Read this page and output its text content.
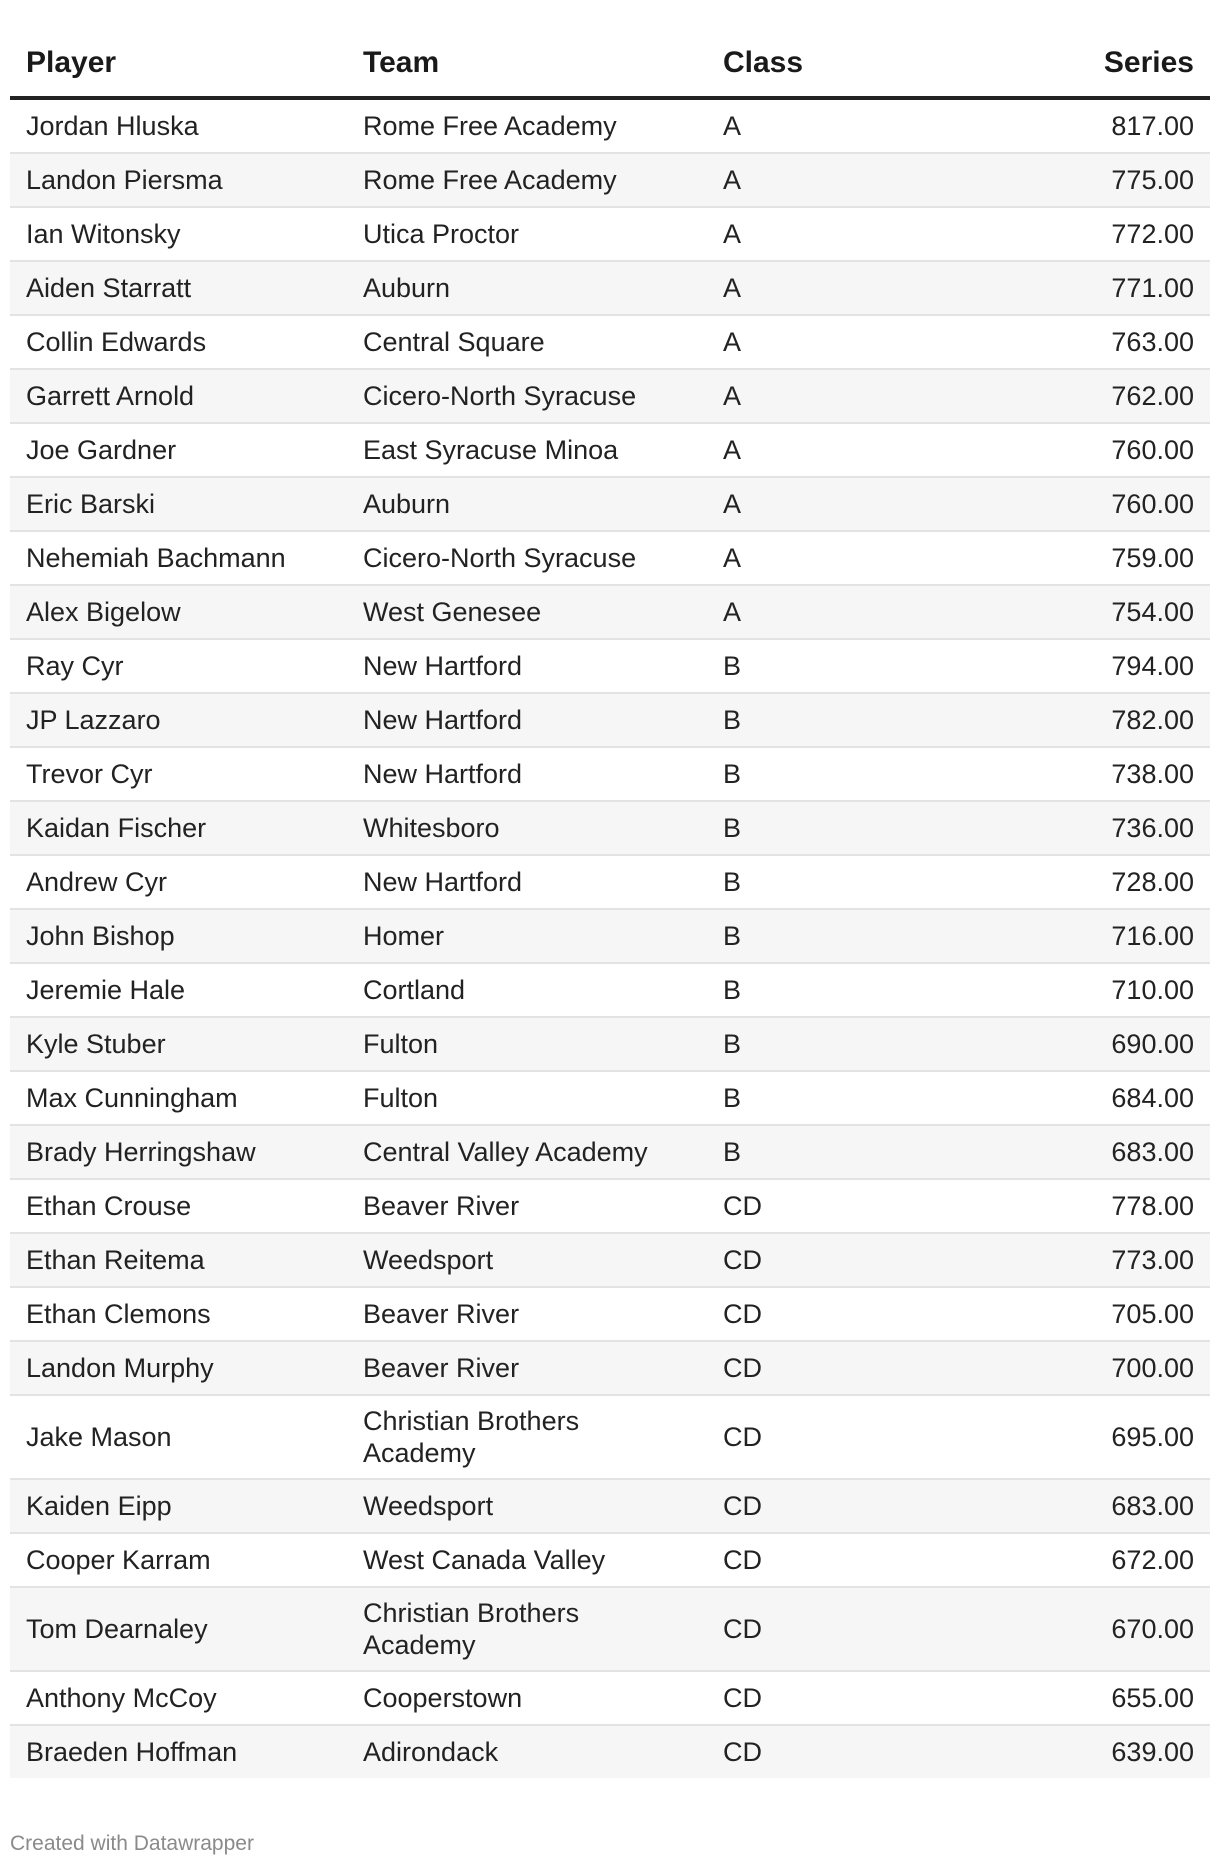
Player	Team	Class	Series
Jordan Hluska	Rome Free Academy	A	817.00
Landon Piersma	Rome Free Academy	A	775.00
Ian Witonsky	Utica Proctor	A	772.00
Aiden Starratt	Auburn	A	771.00
Collin Edwards	Central Square	A	763.00
Garrett Arnold	Cicero-North Syracuse	A	762.00
Joe Gardner	East Syracuse Minoa	A	760.00
Eric Barski	Auburn	A	760.00
Nehemiah Bachmann	Cicero-North Syracuse	A	759.00
Alex Bigelow	West Genesee	A	754.00
Ray Cyr	New Hartford	B	794.00
JP Lazzaro	New Hartford	B	782.00
Trevor Cyr	New Hartford	B	738.00
Kaidan Fischer	Whitesboro	B	736.00
Andrew Cyr	New Hartford	B	728.00
John Bishop	Homer	B	716.00
Jeremie Hale	Cortland	B	710.00
Kyle Stuber	Fulton	B	690.00
Max Cunningham	Fulton	B	684.00
Brady Herringshaw	Central Valley Academy	B	683.00
Ethan Crouse	Beaver River	CD	778.00
Ethan Reitema	Weedsport	CD	773.00
Ethan Clemons	Beaver River	CD	705.00
Landon Murphy	Beaver River	CD	700.00
Jake Mason	Christian Brothers Academy	CD	695.00
Kaiden Eipp	Weedsport	CD	683.00
Cooper Karram	West Canada Valley	CD	672.00
Tom Dearnaley	Christian Brothers Academy	CD	670.00
Anthony McCoy	Cooperstown	CD	655.00
Braeden Hoffman	Adirondack	CD	639.00
Created with Datawrapper
